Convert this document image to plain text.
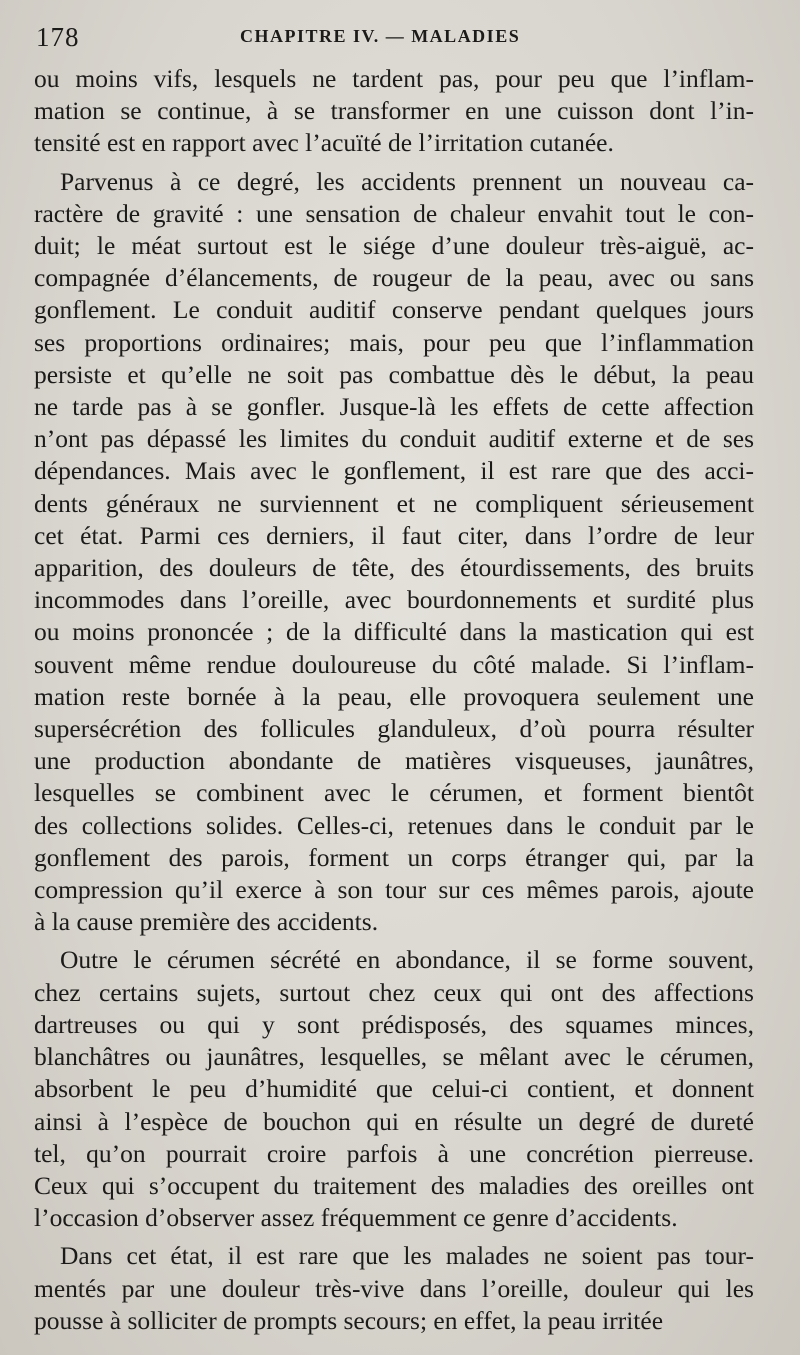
178	CHAPITRE IV. — MALADIES
ou moins vifs, lesquels ne tardent pas, pour peu que l’inflam-
mation se continue, à se transformer en une cuisson dont l’in-
tensité est en rapport avec l’acuïté de l’irritation cutanée.
Parvenus à ce degré, les accidents prennent un nouveau ca-
ractère de gravité : une sensation de chaleur envahit tout le con-
duit; le méat surtout est le siége d’une douleur très-aiguë, ac-
compagnée d’élancements, de rougeur de la peau, avec ou sans
gonflement. Le conduit auditif conserve pendant quelques jours
ses proportions ordinaires; mais, pour peu que l’inflammation
persiste et qu’elle ne soit pas combattue dès le début, la peau
ne tarde pas à se gonfler. Jusque-là les effets de cette affection
n’ont pas dépassé les limites du conduit auditif externe et de ses
dépendances. Mais avec le gonflement, il est rare que des acci-
dents généraux ne surviennent et ne compliquent sérieusement
cet état. Parmi ces derniers, il faut citer, dans l’ordre de leur
apparition, des douleurs de tête, des étourdissements, des bruits
incommodes dans l’oreille, avec bourdonnements et surdité plus
ou moins prononcée ; de la difficulté dans la mastication qui est
souvent même rendue douloureuse du côté malade. Si l’inflam-
mation reste bornée à la peau, elle provoquera seulement une
supersécrétion des follicules glanduleux, d’où pourra résulter
une production abondante de matières visqueuses, jaunâtres,
lesquelles se combinent avec le cérumen, et forment bientôt
des collections solides. Celles-ci, retenues dans le conduit par le
gonflement des parois, forment un corps étranger qui, par la
compression qu’il exerce à son tour sur ces mêmes parois, ajoute
à la cause première des accidents.
Outre le cérumen sécrété en abondance, il se forme souvent,
chez certains sujets, surtout chez ceux qui ont des affections
dartreuses ou qui y sont prédisposés, des squames minces,
blanchâtres ou jaunâtres, lesquelles, se mêlant avec le cérumen,
absorbent le peu d’humidité que celui-ci contient, et donnent
ainsi à l’espèce de bouchon qui en résulte un degré de dureté
tel, qu’on pourrait croire parfois à une concrétion pierreuse.
Ceux qui s’occupent du traitement des maladies des oreilles ont
l’occasion d’observer assez fréquemment ce genre d’accidents.
Dans cet état, il est rare que les malades ne soient pas tour-
mentés par une douleur très-vive dans l’oreille, douleur qui les
pousse à solliciter de prompts secours; en effet, la peau irritée
